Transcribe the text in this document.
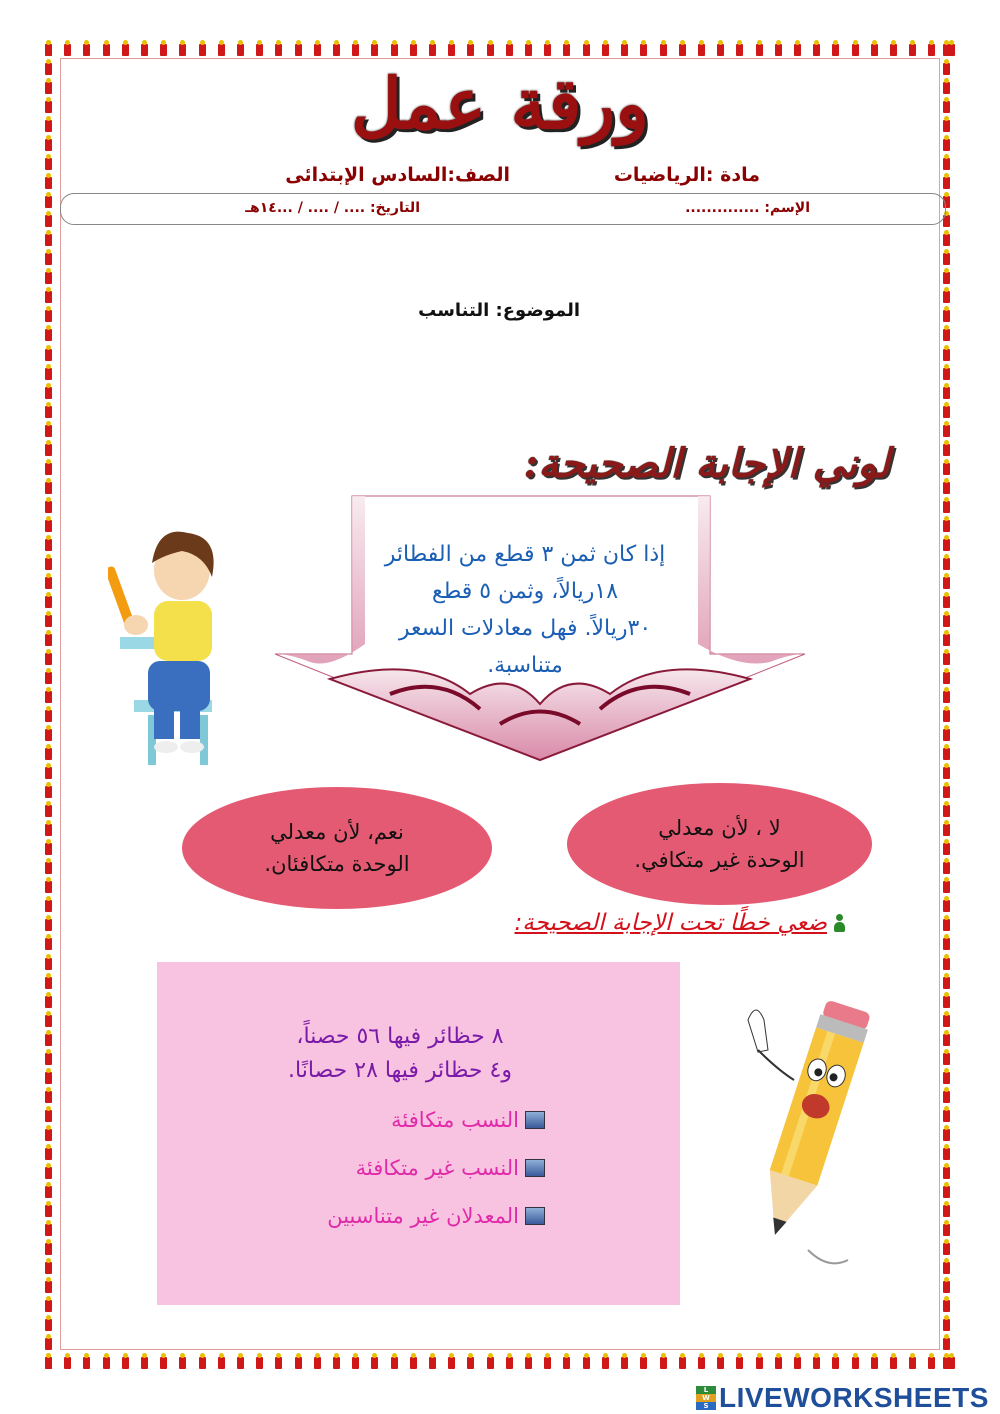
ورقة عمل
مادة :الرياضيات
الصف:السادس الإبتدائى
الإسم: ..............
التاريخ: .... / .... / ...١٤هـ
الموضوع: التناسب
لوني الإجابة الصحيحة:
إذا كان ثمن ٣ قطع من الفطائر
١٨ريالاً، وثمن ٥ قطع
٣٠ريالاً. فهل معادلات السعر
متناسبة.
لا ، لأن معدلي
الوحدة غير متكافي.
نعم، لأن معدلي
الوحدة متكافئان.
ضعي خطًا تحت الإجابة الصحيحة:
٨ حظائر فيها ٥٦ حصناً،
و٤ حظائر فيها ٢٨ حصانًا.
النسب متكافئة
النسب غير متكافئة
المعدلان غير متناسبين
L
W
S LIVEWORKSHEETS
